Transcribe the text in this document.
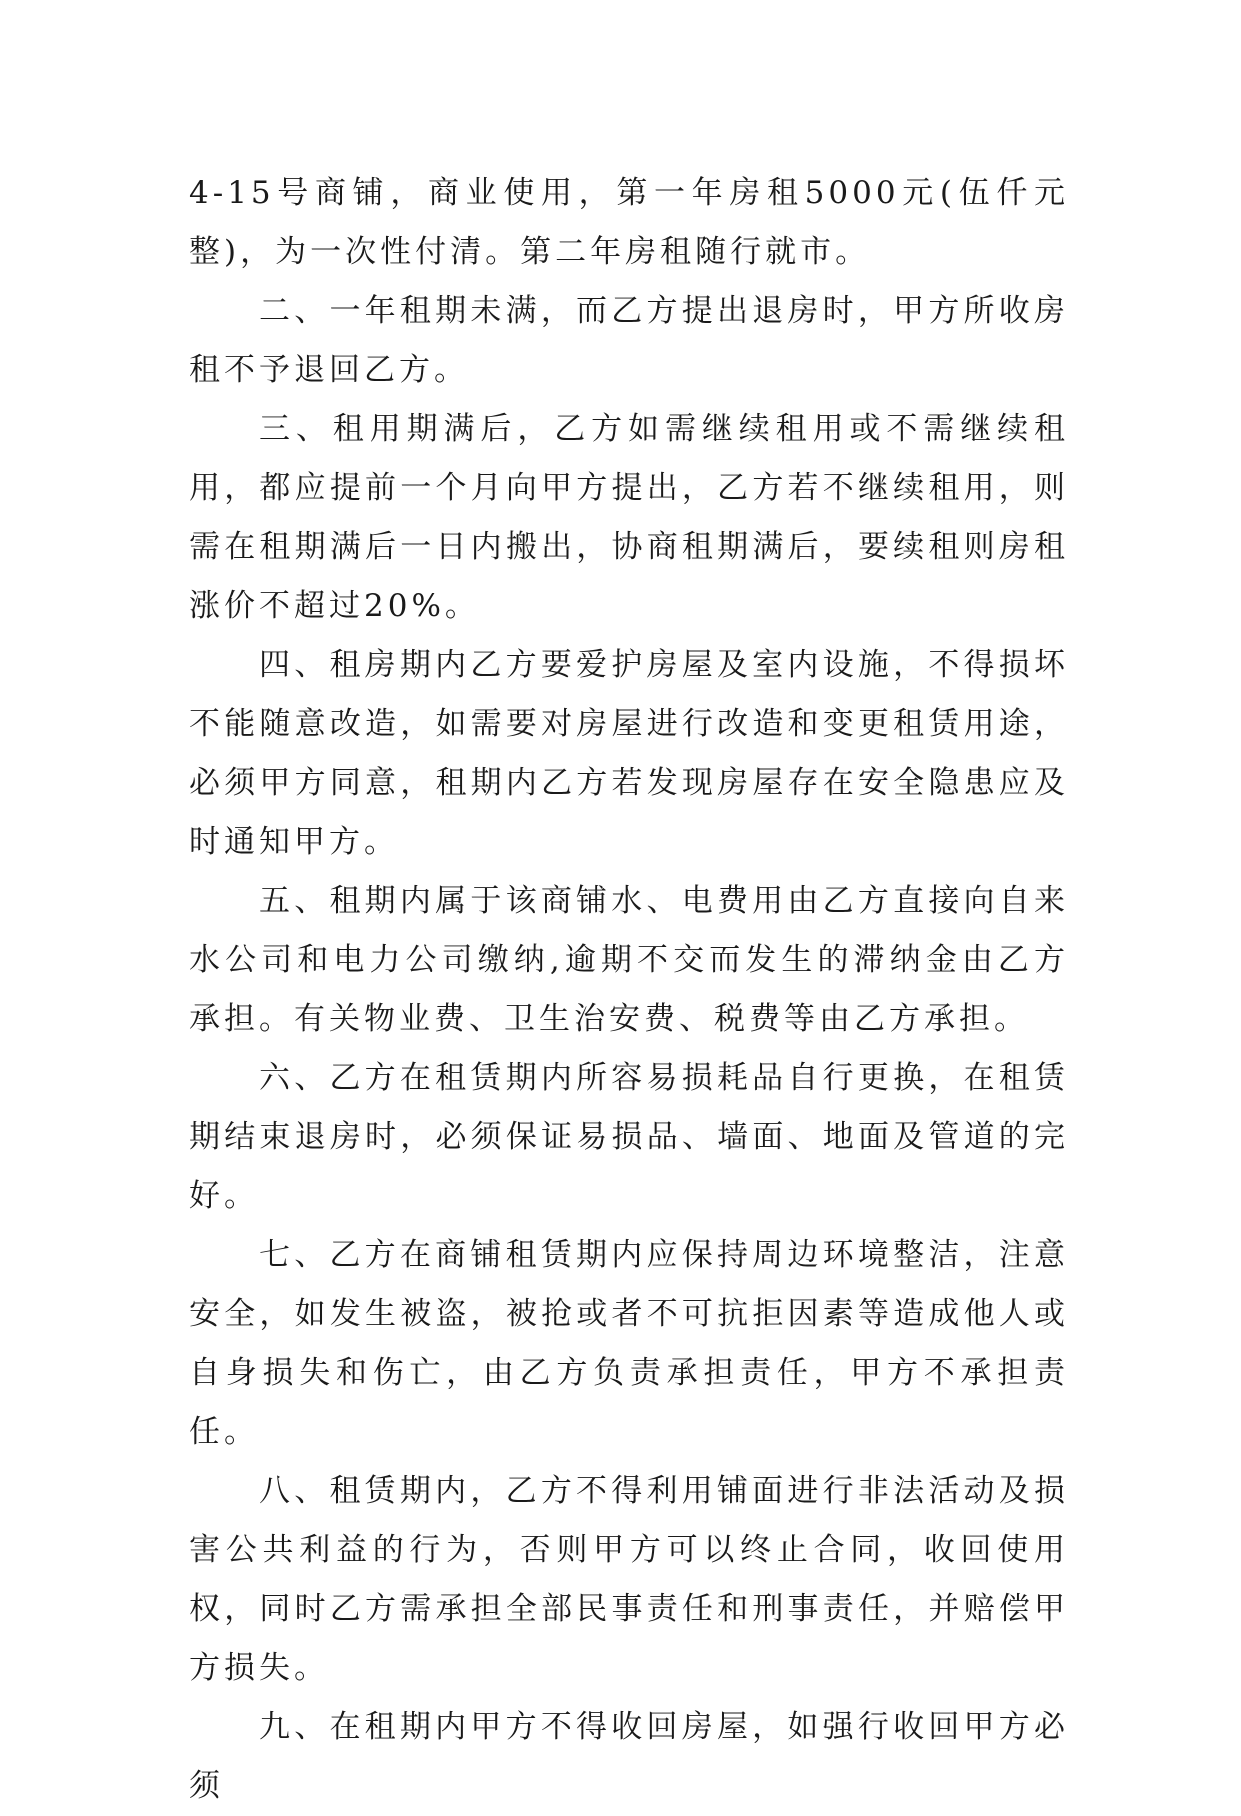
4-15号商铺，商业使用，第一年房租5000元(伍仟元整)，为一次性付清。第二年房租随行就市。

二、一年租期未满，而乙方提出退房时，甲方所收房租不予退回乙方。

三、租用期满后，乙方如需继续租用或不需继续租用，都应提前一个月向甲方提出，乙方若不继续租用，则需在租期满后一日内搬出，协商租期满后，要续租则房租涨价不超过20%。

四、租房期内乙方要爱护房屋及室内设施，不得损坏不能随意改造，如需要对房屋进行改造和变更租赁用途，必须甲方同意，租期内乙方若发现房屋存在安全隐患应及时通知甲方。

五、租期内属于该商铺水、电费用由乙方直接向自来水公司和电力公司缴纳,逾期不交而发生的滞纳金由乙方承担。有关物业费、卫生治安费、税费等由乙方承担。

六、乙方在租赁期内所容易损耗品自行更换，在租赁期结束退房时，必须保证易损品、墙面、地面及管道的完好。

七、乙方在商铺租赁期内应保持周边环境整洁，注意安全，如发生被盗，被抢或者不可抗拒因素等造成他人或自身损失和伤亡，由乙方负责承担责任，甲方不承担责任。

八、租赁期内，乙方不得利用铺面进行非法活动及损害公共利益的行为，否则甲方可以终止合同，收回使用权，同时乙方需承担全部民事责任和刑事责任，并赔偿甲方损失。

九、在租期内甲方不得收回房屋，如强行收回甲方必须
